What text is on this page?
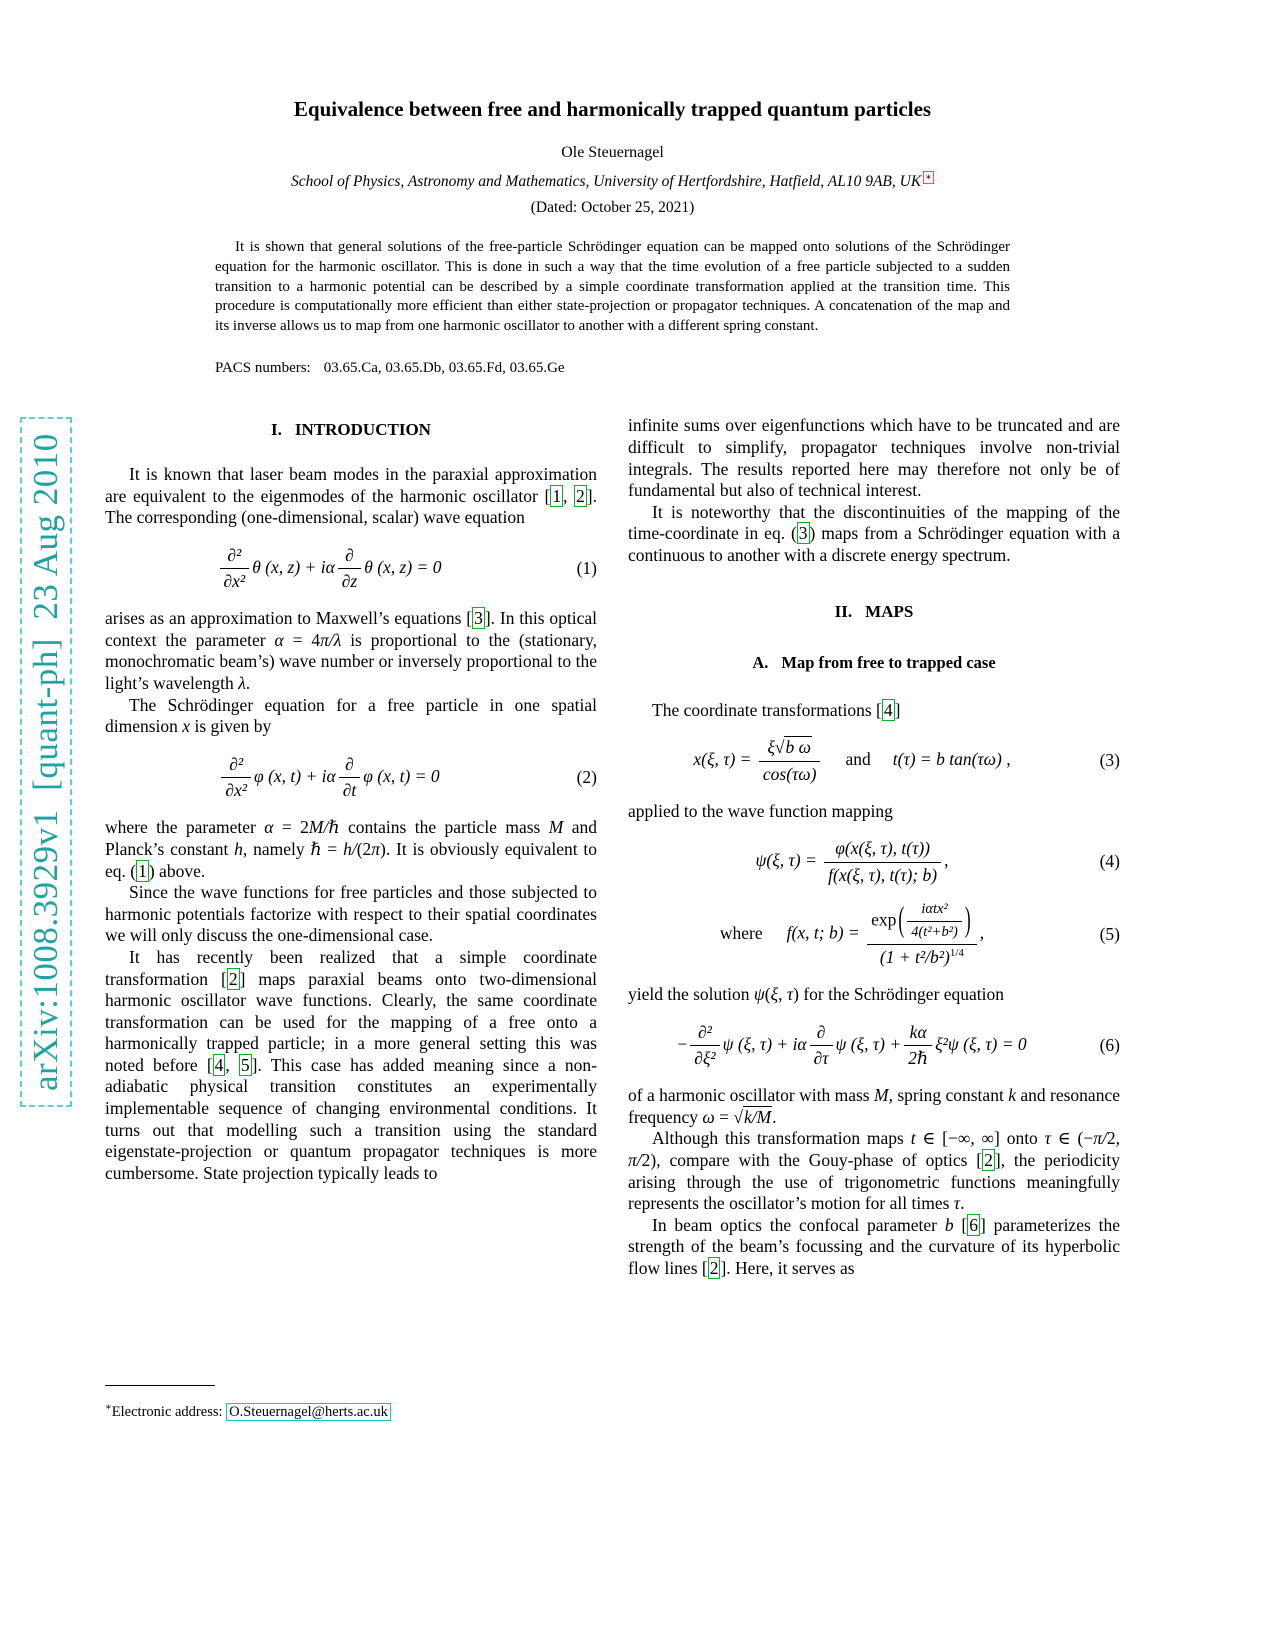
arXiv:1008.3929v1  [quant-ph]  23 Aug 2010
Equivalence between free and harmonically trapped quantum particles
Ole Steuernagel
School of Physics, Astronomy and Mathematics, University of Hertfordshire, Hatfield, AL10 9AB, UK ∗
(Dated: October 25, 2021)
It is shown that general solutions of the free-particle Schrödinger equation can be mapped onto solutions of the Schrödinger equation for the harmonic oscillator. This is done in such a way that the time evolution of a free particle subjected to a sudden transition to a harmonic potential can be described by a simple coordinate transformation applied at the transition time. This procedure is computationally more efficient than either state-projection or propagator techniques. A concatenation of the map and its inverse allows us to map from one harmonic oscillator to another with a different spring constant.
PACS numbers: 03.65.Ca, 03.65.Db, 03.65.Fd, 03.65.Ge
I. INTRODUCTION

It is known that laser beam modes in the paraxial approximation are equivalent to the eigenmodes of the harmonic oscillator [ 1 , 2 ]. The corresponding (one-dimensional, scalar) wave equation

$\frac{\text{∂²}}{\text{∂x²}}$ θ (x, z) + iα $\frac{\partial}{\partial z}$ θ (x, z) = 0	(1)

arises as an approximation to Maxwell’s equations [ 3 ]. In this optical context the parameter α = 4π/λ is proportional to the (stationary, monochromatic beam’s) wave number or inversely proportional to the light’s wavelength λ.

The Schrödinger equation for a free particle in one spatial dimension x is given by

$\frac{\text{∂²}}{\text{∂x²}}$ φ (x, t) + iα $\frac{\partial}{\partial t}$ φ (x, t) = 0	(2)

where the parameter α = 2M/ℏ contains the particle mass M and Planck’s constant h, namely ℏ = h/(2π). It is obviously equivalent to eq. ( 1 ) above.

Since the wave functions for free particles and those subjected to harmonic potentials factorize with respect to their spatial coordinates we will only discuss the one-dimensional case.

It has recently been realized that a simple coordinate transformation [ 2 ] maps paraxial beams onto two-dimensional harmonic oscillator wave functions. Clearly, the same coordinate transformation can be used for the mapping of a free onto a harmonically trapped particle; in a more general setting this was noted before [ 4 , 5 ]. This case has added meaning since a non-adiabatic physical transition constitutes an experimentally implementable sequence of changing environmental conditions. It turns out that modelling such a transition using the standard eigenstate-projection or quantum propagator techniques is more cumbersome. State projection typically leads to

∗Electronic address: O.Steuernagel@herts.ac.uk

infinite sums over eigenfunctions which have to be truncated and are difficult to simplify, propagator techniques involve non-trivial integrals. The results reported here may therefore not only be of fundamental but also of technical interest.

It is noteworthy that the discontinuities of the mapping of the time-coordinate in eq. ( 3 ) maps from a Schrödinger equation with a continuous to another with a discrete energy spectrum.

II. MAPS
A. Map from free to trapped case

The coordinate transformations [ 4 ]

x(ξ, $\tau) = \frac{\text{ξ√b ω}}{\cos(\tau\omega)}$ and t(τ) = b tan(τω) ,	(3)

applied to the wave function mapping

ψ(ξ, $\tau) = \frac{\varphi(x(\xi, \tau), t(\tau))}{f(x(\xi, \tau), t(\tau); b)}$ ,	(4)
where f(x, t; $b) = \frac{\exp ( \frac{\text{iαtx²}}{\text{4(t²+b²)}} )}{(1 + t^2/b^2)^{1/4}}$ ,	(5)

yield the solution ψ(ξ, τ) for the Schrödinger equation

− $\frac{\text{∂²}}{\text{∂ξ²}}$ ψ (ξ, τ) + iα $\frac{\partial}{\partial\tau}$ ψ (ξ, $\tau) + \frac{k\alpha}{\text{2ℏ}} \xi^2\psi$ (ξ, τ) = 0	(6)

of a harmonic oscillator with mass M, spring constant k and resonance frequency ω = √k/M.

Although this transformation maps t ∈ [−∞, ∞] onto τ ∈ (−π/2, π/2), compare with the Gouy-phase of optics [ 2 ], the periodicity arising through the use of trigonometric functions meaningfully represents the oscillator’s motion for all times τ.

In beam optics the confocal parameter b [ 6 ] parameterizes the strength of the beam’s focussing and the curvature of its hyperbolic flow lines [ 2 ]. Here, it serves as
